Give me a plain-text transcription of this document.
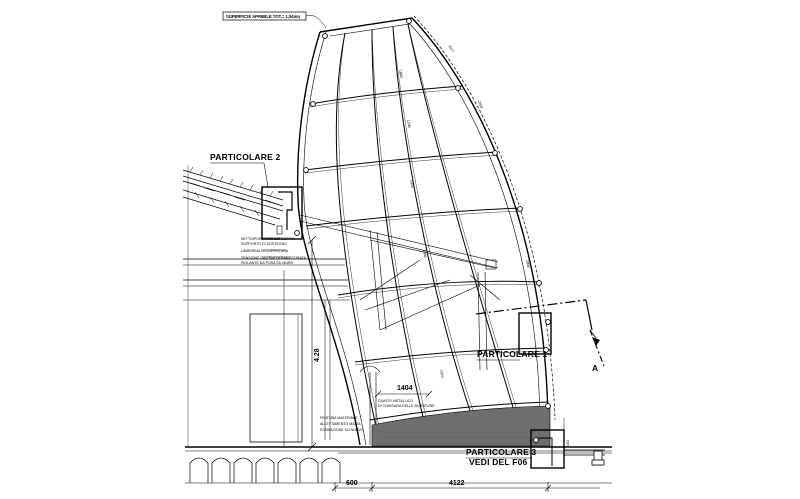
SUPERFICIE APRIBILE TOT.= 1,54mq
PARTICOLARE 2
PARTICOLARE 1
PARTICOLARE 3
VEDI DEL F06
A
4.28
103
1800
1200
3000
1920
1910
1900
1917
2000
1404
GIUNTO METALLICO
DI CHIUSURA DELLE MURATURE
600	4122
SETTO/PORTANTE SORRETTO
SUPPORTO DI SOSTEGNO
LAMIERINA DI COPERTURA
TENSIONE DA CENTOTRAMESTIRATA
ISOLANTE DA POSA SU MURO
FINITURA MATERIALE
ALLETTAMENTO MALTA
FONDAZIONE SU NUOVO
